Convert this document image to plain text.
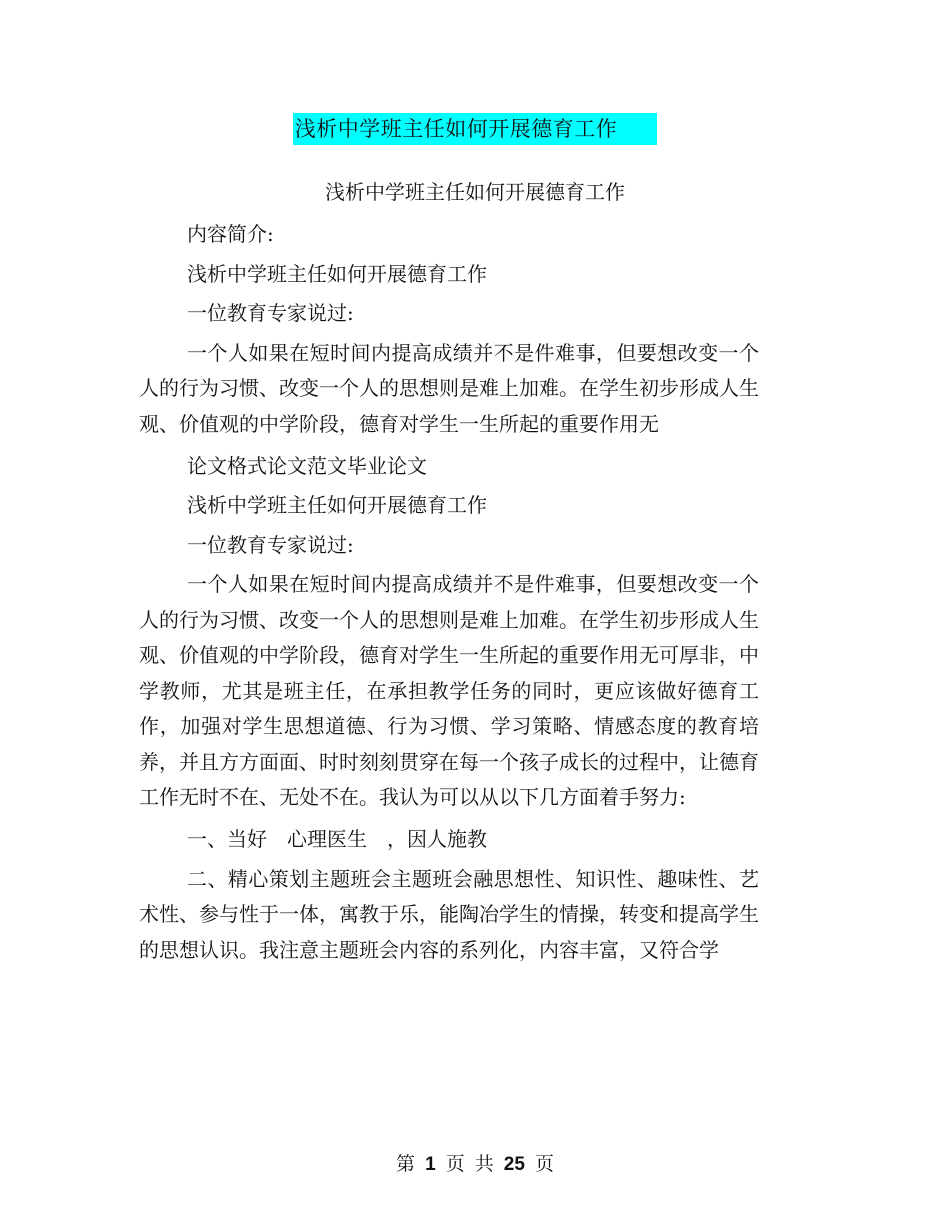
浅析中学班主任如何开展德育工作
浅析中学班主任如何开展德育工作

内容简介:

浅析中学班主任如何开展德育工作

一位教育专家说过:

一个人如果在短时间内提高成绩并不是件难事，但要想改变一个人的行为习惯、改变一个人的思想则是难上加难。在学生初步形成人生观、价值观的中学阶段，德育对学生一生所起的重要作用无

论文格式论文范文毕业论文

浅析中学班主任如何开展德育工作

一位教育专家说过:

一个人如果在短时间内提高成绩并不是件难事，但要想改变一个人的行为习惯、改变一个人的思想则是难上加难。在学生初步形成人生观、价值观的中学阶段，德育对学生一生所起的重要作用无可厚非，中学教师，尤其是班主任，在承担教学任务的同时，更应该做好德育工作，加强对学生思想道德、行为习惯、学习策略、情感态度的教育培养，并且方方面面、时时刻刻贯穿在每一个孩子成长的过程中，让德育工作无时不在、无处不在。我认为可以从以下几方面着手努力:

一、当好　心理医生　，因人施教

二、精心策划主题班会主题班会融思想性、知识性、趣味性、艺术性、参与性于一体，寓教于乐，能陶冶学生的情操，转变和提高学生的思想认识。我注意主题班会内容的系列化，内容丰富，又符合学

第 1 页 共 25 页
